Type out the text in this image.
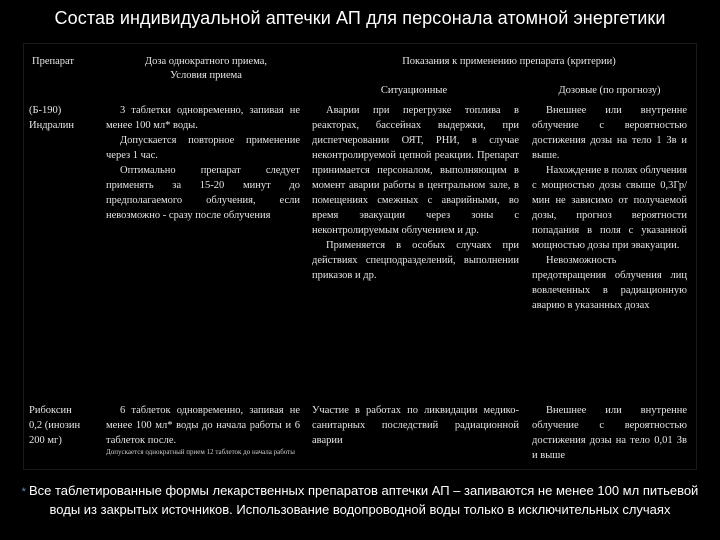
Состав индивидуальной аптечки АП для персонала атомной энергетики
Препарат	Доза однократного приема,
Условия приема
Показания к применению препарата (критерии)
Ситуационные	Дозовые (по прогнозу)
(Б-190)
Индралин

3 таблетки одновременно, запивая не менее 100 мл* воды.

Допускается повторное применение через 1 час.

Оптимально препарат следует применять за 15-20 минут до предполагаемого облучения, если невозможно - сразу после облучения

Аварии при перегрузке топлива в реакторах, бассейнах выдержки, при диспетчеровании ОЯТ, РНИ, в случае неконтролируемой цепной реакции. Препарат принимается персоналом, выполняющим в момент аварии работы в центральном зале, в помещениях смежных с аварийными, во время эвакуации через зоны с неконтролируемым облучением и др.

Применяется в особых случаях при действиях спецподразделений, выполнении приказов и др.

Внешнее или внутренне облучение с вероятностью достижения дозы на тело 1 Зв и выше.

Нахождение в полях облучения с мощностью дозы свыше 0,3Гр/мин не зависимо от получаемой дозы, прогноз вероятности попадания в поля с указанной мощностью дозы при эвакуации.

Невозможность предотвращения облучения лиц вовлеченных в радиационную аварию в указанных дозах

Рибоксин
0,2 (инозин
200 мг)

6 таблеток одновременно, запивая не менее 100 мл* воды до начала работы и 6 таблеток после.

Допускается однократный прием 12 таблеток до начала работы

Участие в работах по ликвидации медико-санитарных последствий радиационной аварии

Внешнее или внутренне облучение с вероятностью достижения дозы на тело 0,01 Зв и выше

* Все таблетированные формы лекарственных препаратов аптечки АП – запиваются не менее 100 мл питьевой воды из закрытых источников. Использование водопроводной воды только в исключительных случаях
